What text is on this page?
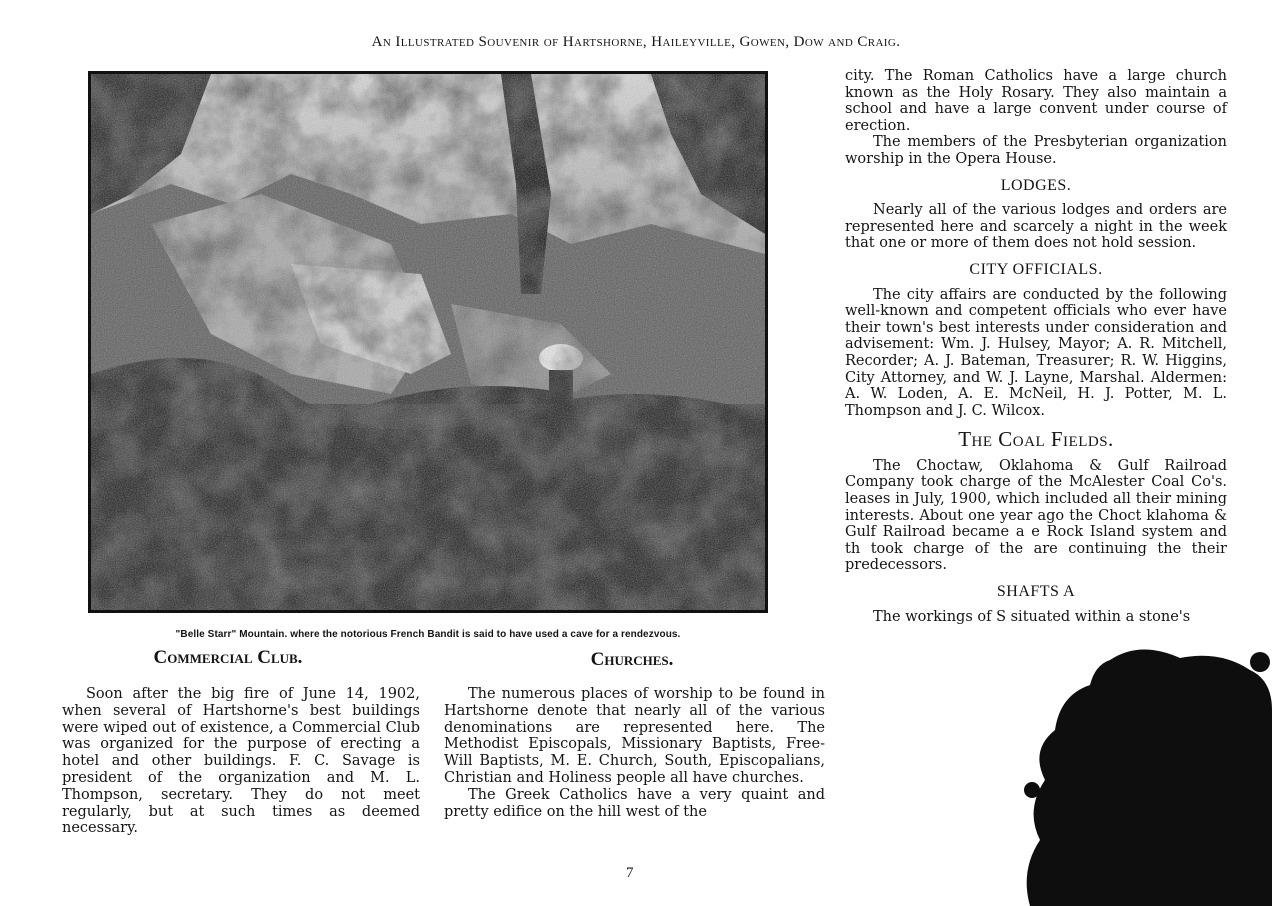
An Illustrated Souvenir of Hartshorne, Haileyville, Gowen, Dow and Craig.
"Belle Starr" Mountain. where the notorious French Bandit is said to have used a cave for a rendezvous.
Commercial Club.

Soon after the big fire of June 14, 1902, when several of Hartshorne's best buildings were wiped out of existence, a Commercial Club was organized for the purpose of erecting a hotel and other buildings. F. C. Savage is president of the organization and M. L. Thompson, secretary. They do not meet regularly, but at such times as deemed necessary.

Churches.

The numerous places of worship to be found in Hartshorne denote that nearly all of the various denominations are represented here. The Methodist Episcopals, Missionary Baptists, Free-Will Baptists, M. E. Church, South, Episcopalians, Christian and Holiness people all have churches.

The Greek Catholics have a very quaint and pretty edifice on the hill west of the

city. The Roman Catholics have a large church known as the Holy Rosary. They also maintain a school and have a large convent under course of erection.

The members of the Presbyterian organization worship in the Opera House.

LODGES.

Nearly all of the various lodges and orders are represented here and scarcely a night in the week that one or more of them does not hold session.

CITY OFFICIALS.

The city affairs are conducted by the following well-known and competent officials who ever have their town's best interests under consideration and advisement: Wm. J. Hulsey, Mayor; A. R. Mitchell, Recorder; A. J. Bateman, Treasurer; R. W. Higgins, City Attorney, and W. J. Layne, Marshal. Aldermen: A. W. Loden, A. E. McNeil, H. J. Potter, M. L. Thompson and J. C. Wilcox.

The Coal Fields.

The Choctaw, Oklahoma & Gulf Railroad Company took charge of the McAlester Coal Co's. leases in July, 1900, which included all their mining interests. About one year ago the Choct klahoma & Gulf Railroad became a e Rock Island system and th took charge of the are continuing the their predecessors.

SHAFTS A

The workings of S situated within a stone's

7
